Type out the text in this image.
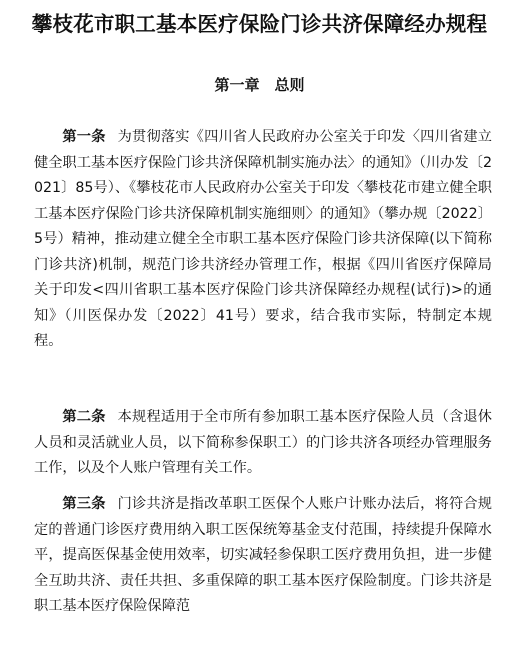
攀枝花市职工基本医疗保险门诊共济保障经办规程
第一章　总则

第一条 为贯彻落实《四川省人民政府办公室关于印发〈四川省建立健全职工基本医疗保险门诊共济保障机制实施办法〉的通知》（川办发〔2021〕85号）、《攀枝花市人民政府办公室关于印发〈攀枝花市建立健全职工基本医疗保险门诊共济保障机制实施细则〉的通知》（攀办规〔2022〕5号）精神，推动建立健全全市职工基本医疗保险门诊共济保障(以下简称门诊共济)机制，规范门诊共济经办管理工作，根据《四川省医疗保障局关于印发<四川省职工基本医疗保险门诊共济保障经办规程(试行)>的通知》（川医保办发〔2022〕41号）要求，结合我市实际，特制定本规程。

第二条 本规程适用于全市所有参加职工基本医疗保险人员（含退休人员和灵活就业人员，以下简称参保职工）的门诊共济各项经办管理服务工作，以及个人账户管理有关工作。

第三条 门诊共济是指改革职工医保个人账户计账办法后，将符合规定的普通门诊医疗费用纳入职工医保统筹基金支付范围，持续提升保障水平，提高医保基金使用效率，切实减轻参保职工医疗费用负担，进一步健全互助共济、责任共担、多重保障的职工基本医疗保险制度。门诊共济是职工基本医疗保险保障范
